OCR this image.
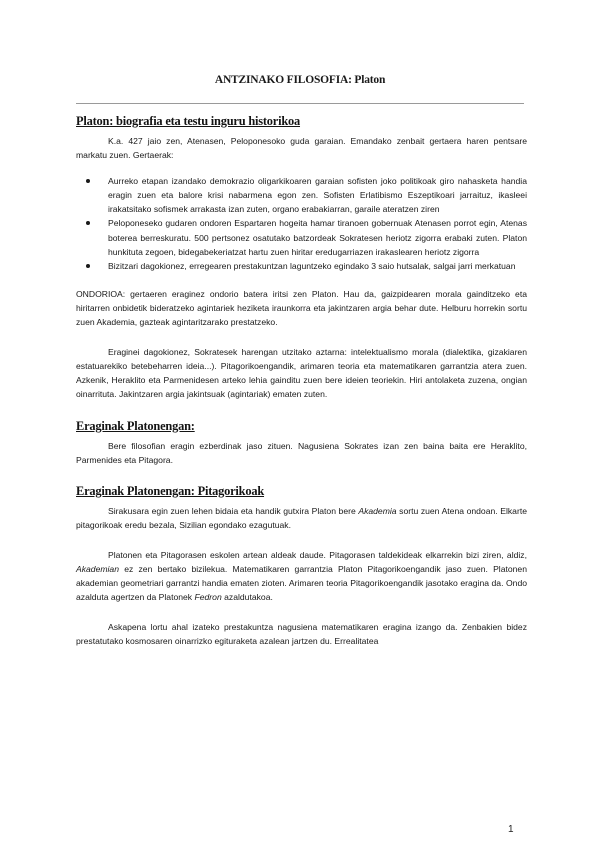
ANTZINAKO FILOSOFIA: Platon
Platon: biografia eta testu inguru historikoa

K.a. 427 jaio zen, Atenasen, Peloponesoko guda garaian. Emandako zenbait gertaera haren pentsare markatu zuen. Gertaerak:

Aurreko etapan izandako demokrazio oligarkikoaren garaian sofisten joko politikoak giro nahasketa handia eragin zuen eta balore krisi nabarmena egon zen. Sofisten Erlatibismo Eszeptikoari jarraituz, ikasleei irakatsitako sofismek arrakasta izan zuten, organo erabakiarran, garaile ateratzen ziren
Peloponeseko gudaren ondoren Espartaren hogeita hamar tiranoen gobernuak Atenasen porrot egin, Atenas boterea berreskuratu. 500 pertsonez osatutako batzordeak Sokratesen heriotz zigorra erabaki zuten. Platon hunkituta zegoen, bidegabekeriatzat hartu zuen hiritar eredugarriazen irakaslearen heriotz zigorra
Bizitzari dagokionez, erregearen prestakuntzan laguntzeko egindako 3 saio hutsalak, salgai jarri merkatuan

ONDORIOA: gertaeren eraginez ondorio batera iritsi zen Platon. Hau da, gaizpidearen morala gainditzeko eta hiritarren onbidetik bideratzeko agintariek heziketa iraunkorra eta jakintzaren argia behar dute. Helburu horrekin sortu zuen Akademia, gazteak agintaritzarako prestatzeko.

Eraginei dagokionez, Sokratesek harengan utzitako aztarna: intelektualismo morala (dialektika, gizakiaren estatuarekiko betebeharren ideia...). Pitagorikoengandik, arimaren teoria eta matematikaren garrantzia atera zuen. Azkenik, Heraklito eta Parmenidesen arteko lehia gainditu zuen bere ideien teoriekin. Hiri antolaketa zuzena, ongian oinarrituta. Jakintzaren argia jakintsuak (agintariak) ematen zuten.

Eraginak Platonengan:

Bere filosofian eragin ezberdinak jaso zituen. Nagusiena Sokrates izan zen baina baita ere Heraklito, Parmenides eta Pitagora.

Eraginak Platonengan: Pitagorikoak

Sirakusara egin zuen lehen bidaia eta handik gutxira Platon bere Akademia sortu zuen Atena ondoan. Elkarte pitagorikoak eredu bezala, Sizilian egondako ezagutuak.

Platonen eta Pitagorasen eskolen artean aldeak daude. Pitagorasen taldekideak elkarrekin bizi ziren, aldiz, Akademian ez zen bertako bizilekua. Matematikaren garrantzia Platon Pitagorikoengandik jaso zuen. Platonen akademian geometriari garrantzi handia ematen zioten. Arimaren teoria Pitagorikoengandik jasotako eragina da. Ondo azalduta agertzen da Platonek Fedron azaldutakoa.

Askapena lortu ahal izateko prestakuntza nagusiena matematikaren eragina izango da. Zenbakien bidez prestatutako kosmosaren oinarrizko egituraketa azalean jartzen du. Errealitatea

1
